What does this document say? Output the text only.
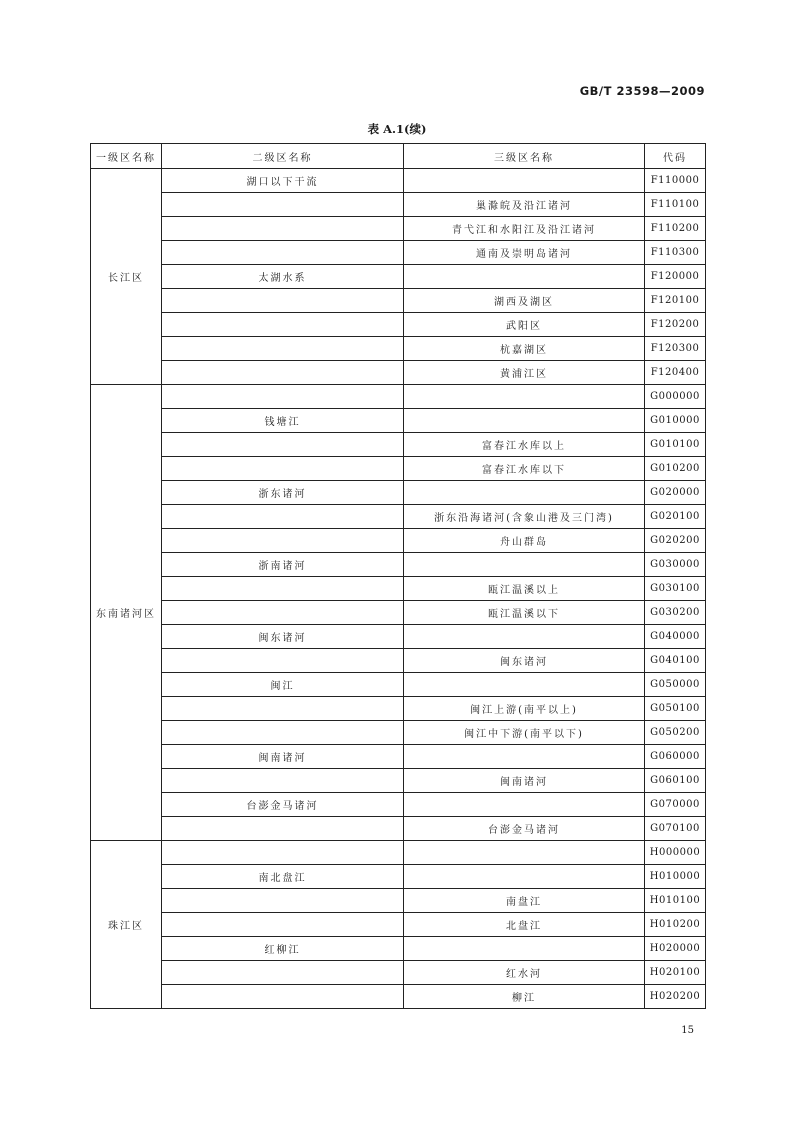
GB/T 23598—2009
表 A.1(续)
一级区名称	二级区名称	三级区名称	代码
长江区	湖口以下干流		F110000
		巢滁皖及沿江诸河	F110100
		青弋江和水阳江及沿江诸河	F110200
		通南及崇明岛诸河	F110300
	太湖水系		F120000
		湖西及湖区	F120100
		武阳区	F120200
		杭嘉湖区	F120300
		黄浦江区	F120400
东南诸河区			G000000
	钱塘江		G010000
		富春江水库以上	G010100
		富春江水库以下	G010200
	浙东诸河		G020000
		浙东沿海诸河(含象山港及三门湾)	G020100
		舟山群岛	G020200
	浙南诸河		G030000
		瓯江温溪以上	G030100
		瓯江温溪以下	G030200
	闽东诸河		G040000
		闽东诸河	G040100
	闽江		G050000
		闽江上游(南平以上)	G050100
		闽江中下游(南平以下)	G050200
	闽南诸河		G060000
		闽南诸河	G060100
	台澎金马诸河		G070000
		台澎金马诸河	G070100
珠江区			H000000
	南北盘江		H010000
		南盘江	H010100
		北盘江	H010200
	红柳江		H020000
		红水河	H020100
		柳江	H020200
15
